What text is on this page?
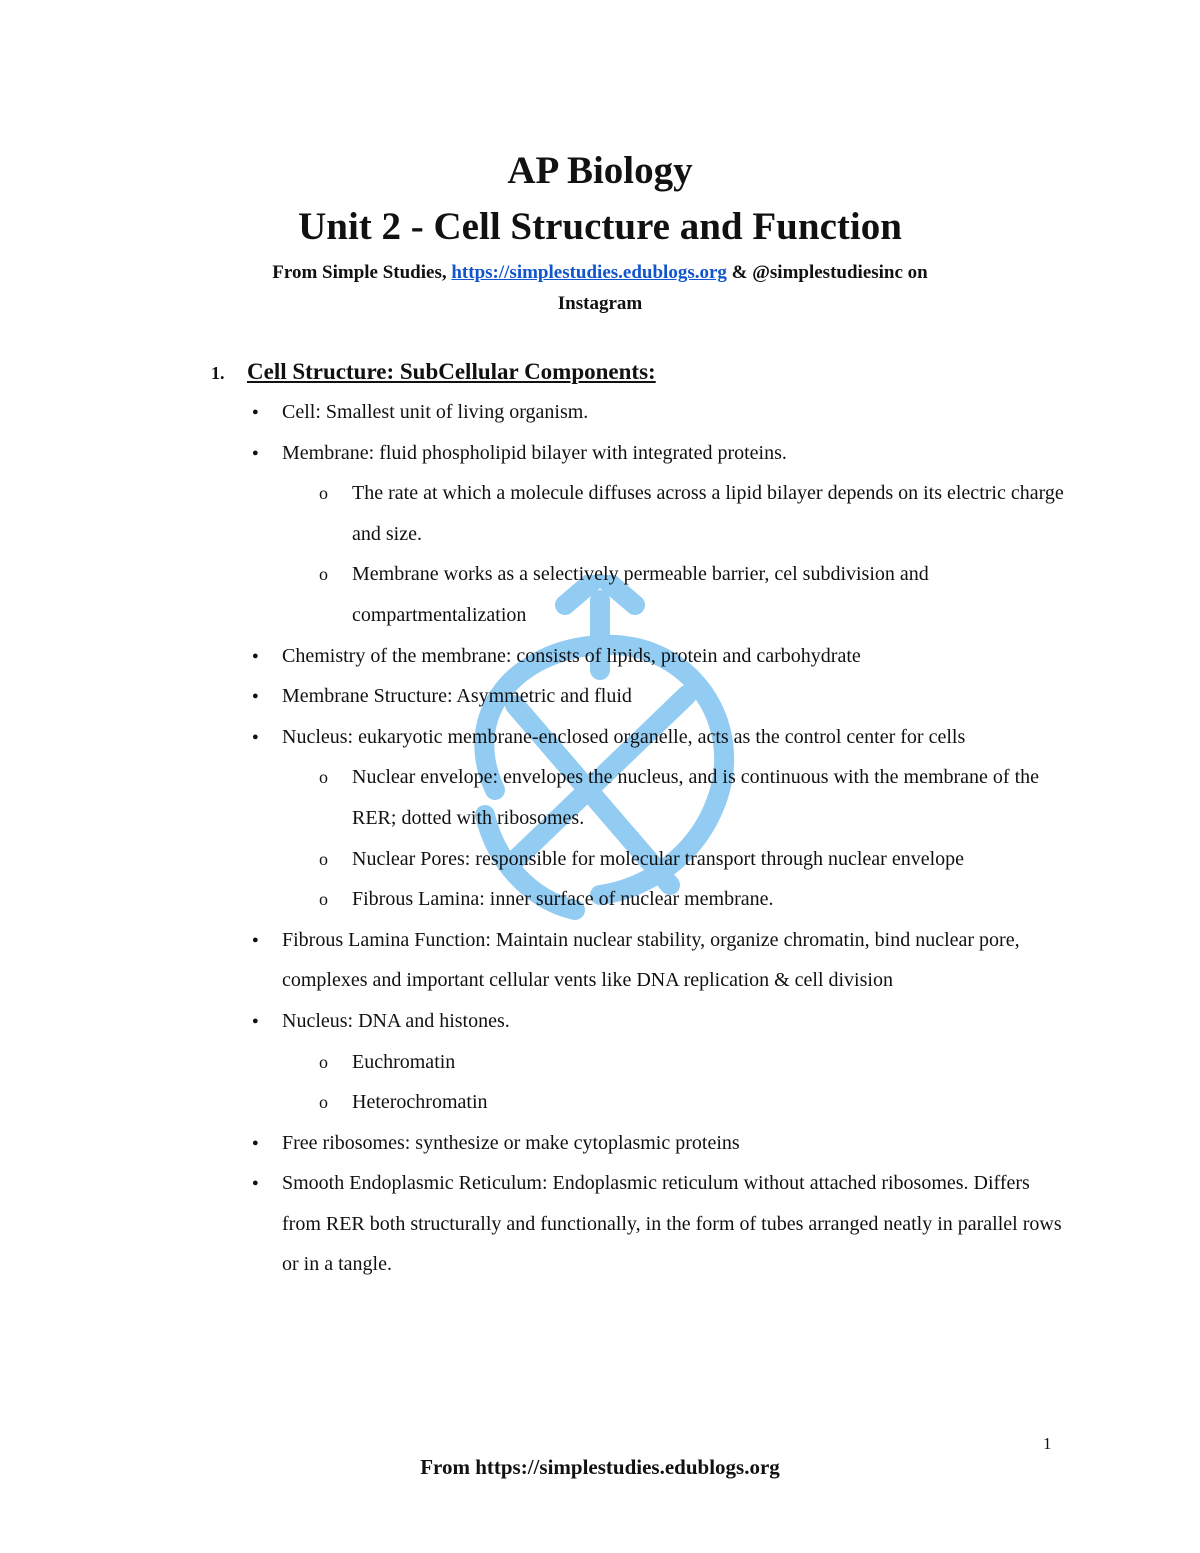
AP Biology
Unit 2 - Cell Structure and Function
From Simple Studies, https://simplestudies.edublogs.org & @simplestudiesinc on
Instagram
1. Cell Structure: SubCellular Components:
● Cell: Smallest unit of living organism.
● Membrane: fluid phospholipid bilayer with integrated proteins.
o The rate at which a molecule diffuses across a lipid bilayer depends on its electric charge and size.
o Membrane works as a selectively permeable barrier, cel subdivision and compartmentalization
● Chemistry of the membrane: consists of lipids, protein and carbohydrate
● Membrane Structure: Asymmetric and fluid
● Nucleus: eukaryotic membrane-enclosed organelle, acts as the control center for cells
o Nuclear envelope: envelopes the nucleus, and is continuous with the membrane of the RER; dotted with ribosomes.
o Nuclear Pores: responsible for molecular transport through nuclear envelope
o Fibrous Lamina: inner surface of nuclear membrane.
● Fibrous Lamina Function: Maintain nuclear stability, organize chromatin, bind nuclear pore, complexes and important cellular vents like DNA replication & cell division
● Nucleus: DNA and histones.
o Euchromatin
o Heterochromatin
● Free ribosomes: synthesize or make cytoplasmic proteins
● Smooth Endoplasmic Reticulum: Endoplasmic reticulum without attached ribosomes. Differs from RER both structurally and functionally, in the form of tubes arranged neatly in parallel rows or in a tangle.
1
From https://simplestudies.edublogs.org
